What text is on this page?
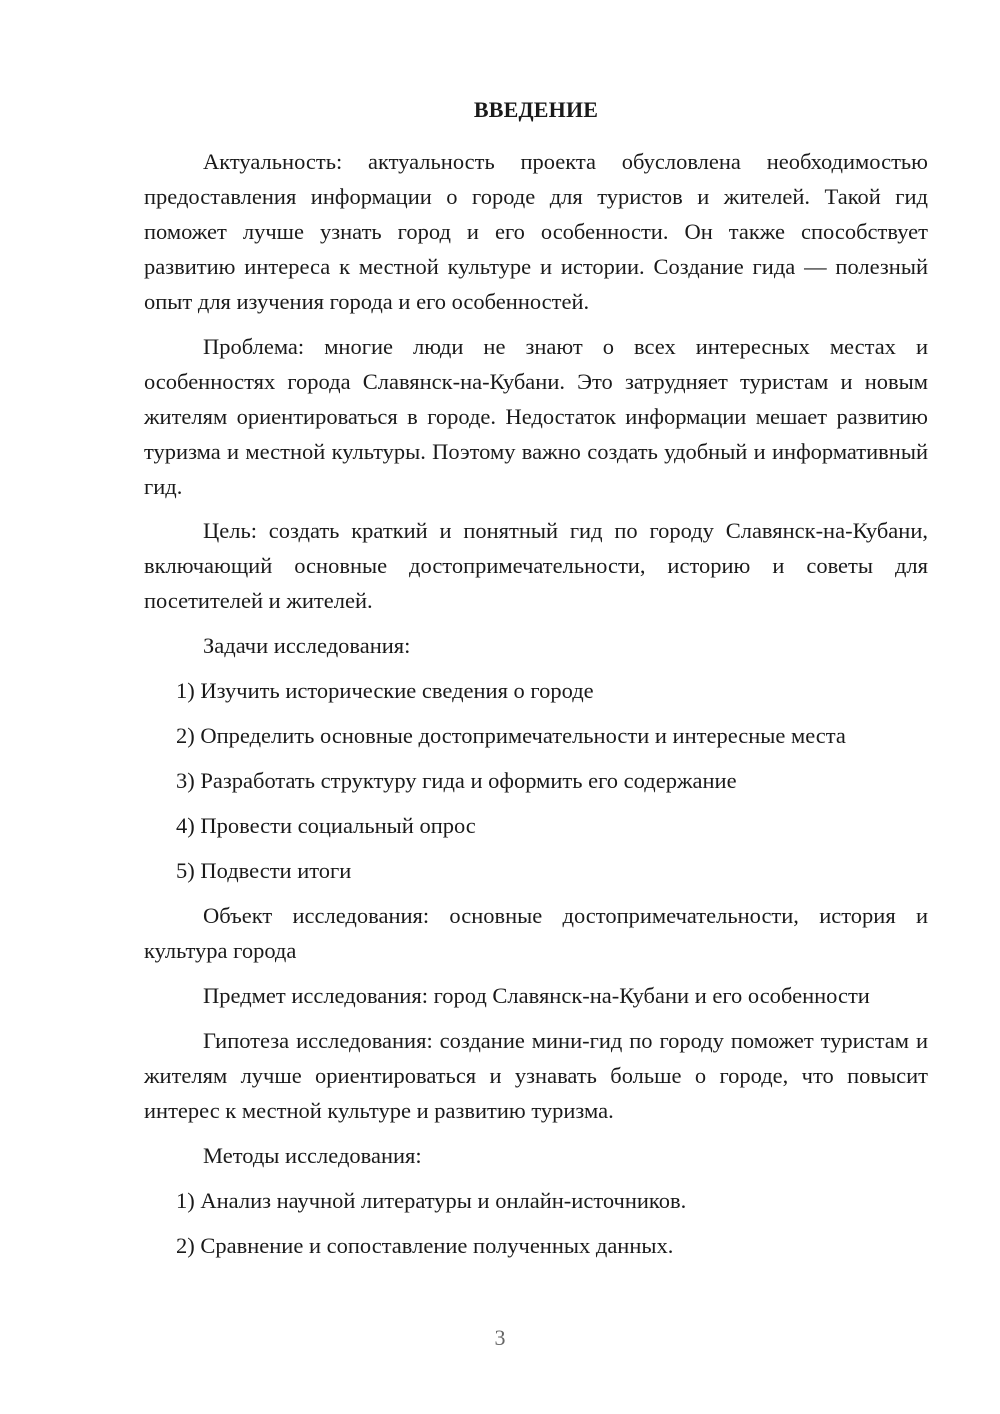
ВВЕДЕНИЕ

Актуальность: актуальность проекта обусловлена необходимостью предоставления информации о городе для туристов и жителей. Такой гид поможет лучше узнать город и его особенности. Он также способствует развитию интереса к местной культуре и истории. Создание гида — полезный опыт для изучения города и его особенностей.

Проблема: многие люди не знают о всех интересных местах и особенностях города Славянск-на-Кубани. Это затрудняет туристам и новым жителям ориентироваться в городе. Недостаток информации мешает развитию туризма и местной культуры. Поэтому важно создать удобный и информативный гид.

Цель: создать краткий и понятный гид по городу Славянск-на-Кубани, включающий основные достопримечательности, историю и советы для посетителей и жителей.

Задачи исследования:
1) Изучить исторические сведения о городе
2) Определить основные достопримечательности и интересные места
3) Разработать структуру гида и оформить его содержание
4) Провести социальный опрос
5) Подвести итоги

Объект исследования: основные достопримечательности, история и культура города

Предмет исследования: город Славянск-на-Кубани и его особенности

Гипотеза исследования: создание мини-гид по городу поможет туристам и жителям лучше ориентироваться и узнавать больше о городе, что повысит интерес к местной культуре и развитию туризма.

Методы исследования:
1) Анализ научной литературы и онлайн-источников.
2) Сравнение и сопоставление полученных данных.
3
